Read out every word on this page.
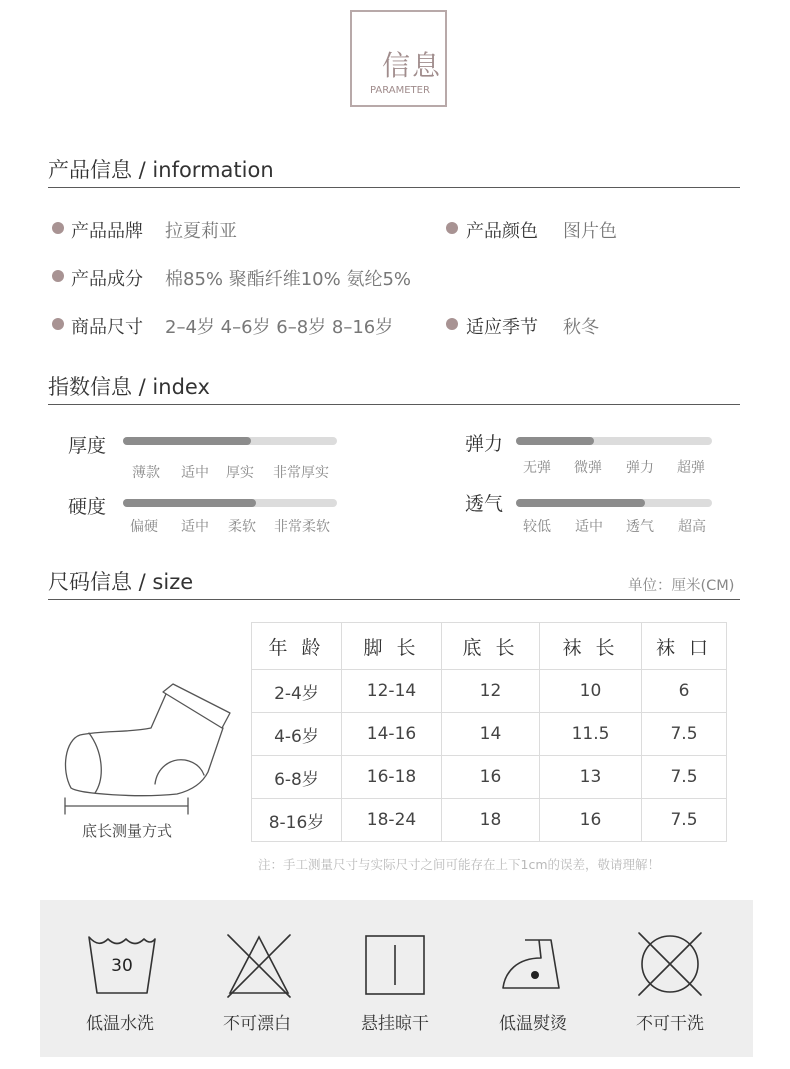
信息
PARAMETER
产品信息 / information
产品品牌 拉夏莉亚	产品颜色 图片色
产品成分 棉85% 聚酯纤维10% 氨纶5%
商品尺寸 2–4岁 4–6岁 6–8岁 8–16岁	适应季节 秋冬
指数信息 / index
厚度
薄款 适中 厚实 非常厚实
弹力
无弹 微弹 弹力 超弹
硬度
偏硬 适中 柔软 非常柔软
透气
较低 适中 透气 超高
尺码信息 / size	单位：厘米(CM)
底长测量方式
年 龄	脚 长	底 长	袜 长	袜 口
2-4岁	12-14	12	10	6
4-6岁	14-16	14	11.5	7.5
6-8岁	16-18	16	13	7.5
8-16岁	18-24	18	16	7.5
注：手工测量尺寸与实际尺寸之间可能存在上下1cm的误差，敬请理解！
30
低温水洗	不可漂白	悬挂晾干	低温熨烫	不可干洗
